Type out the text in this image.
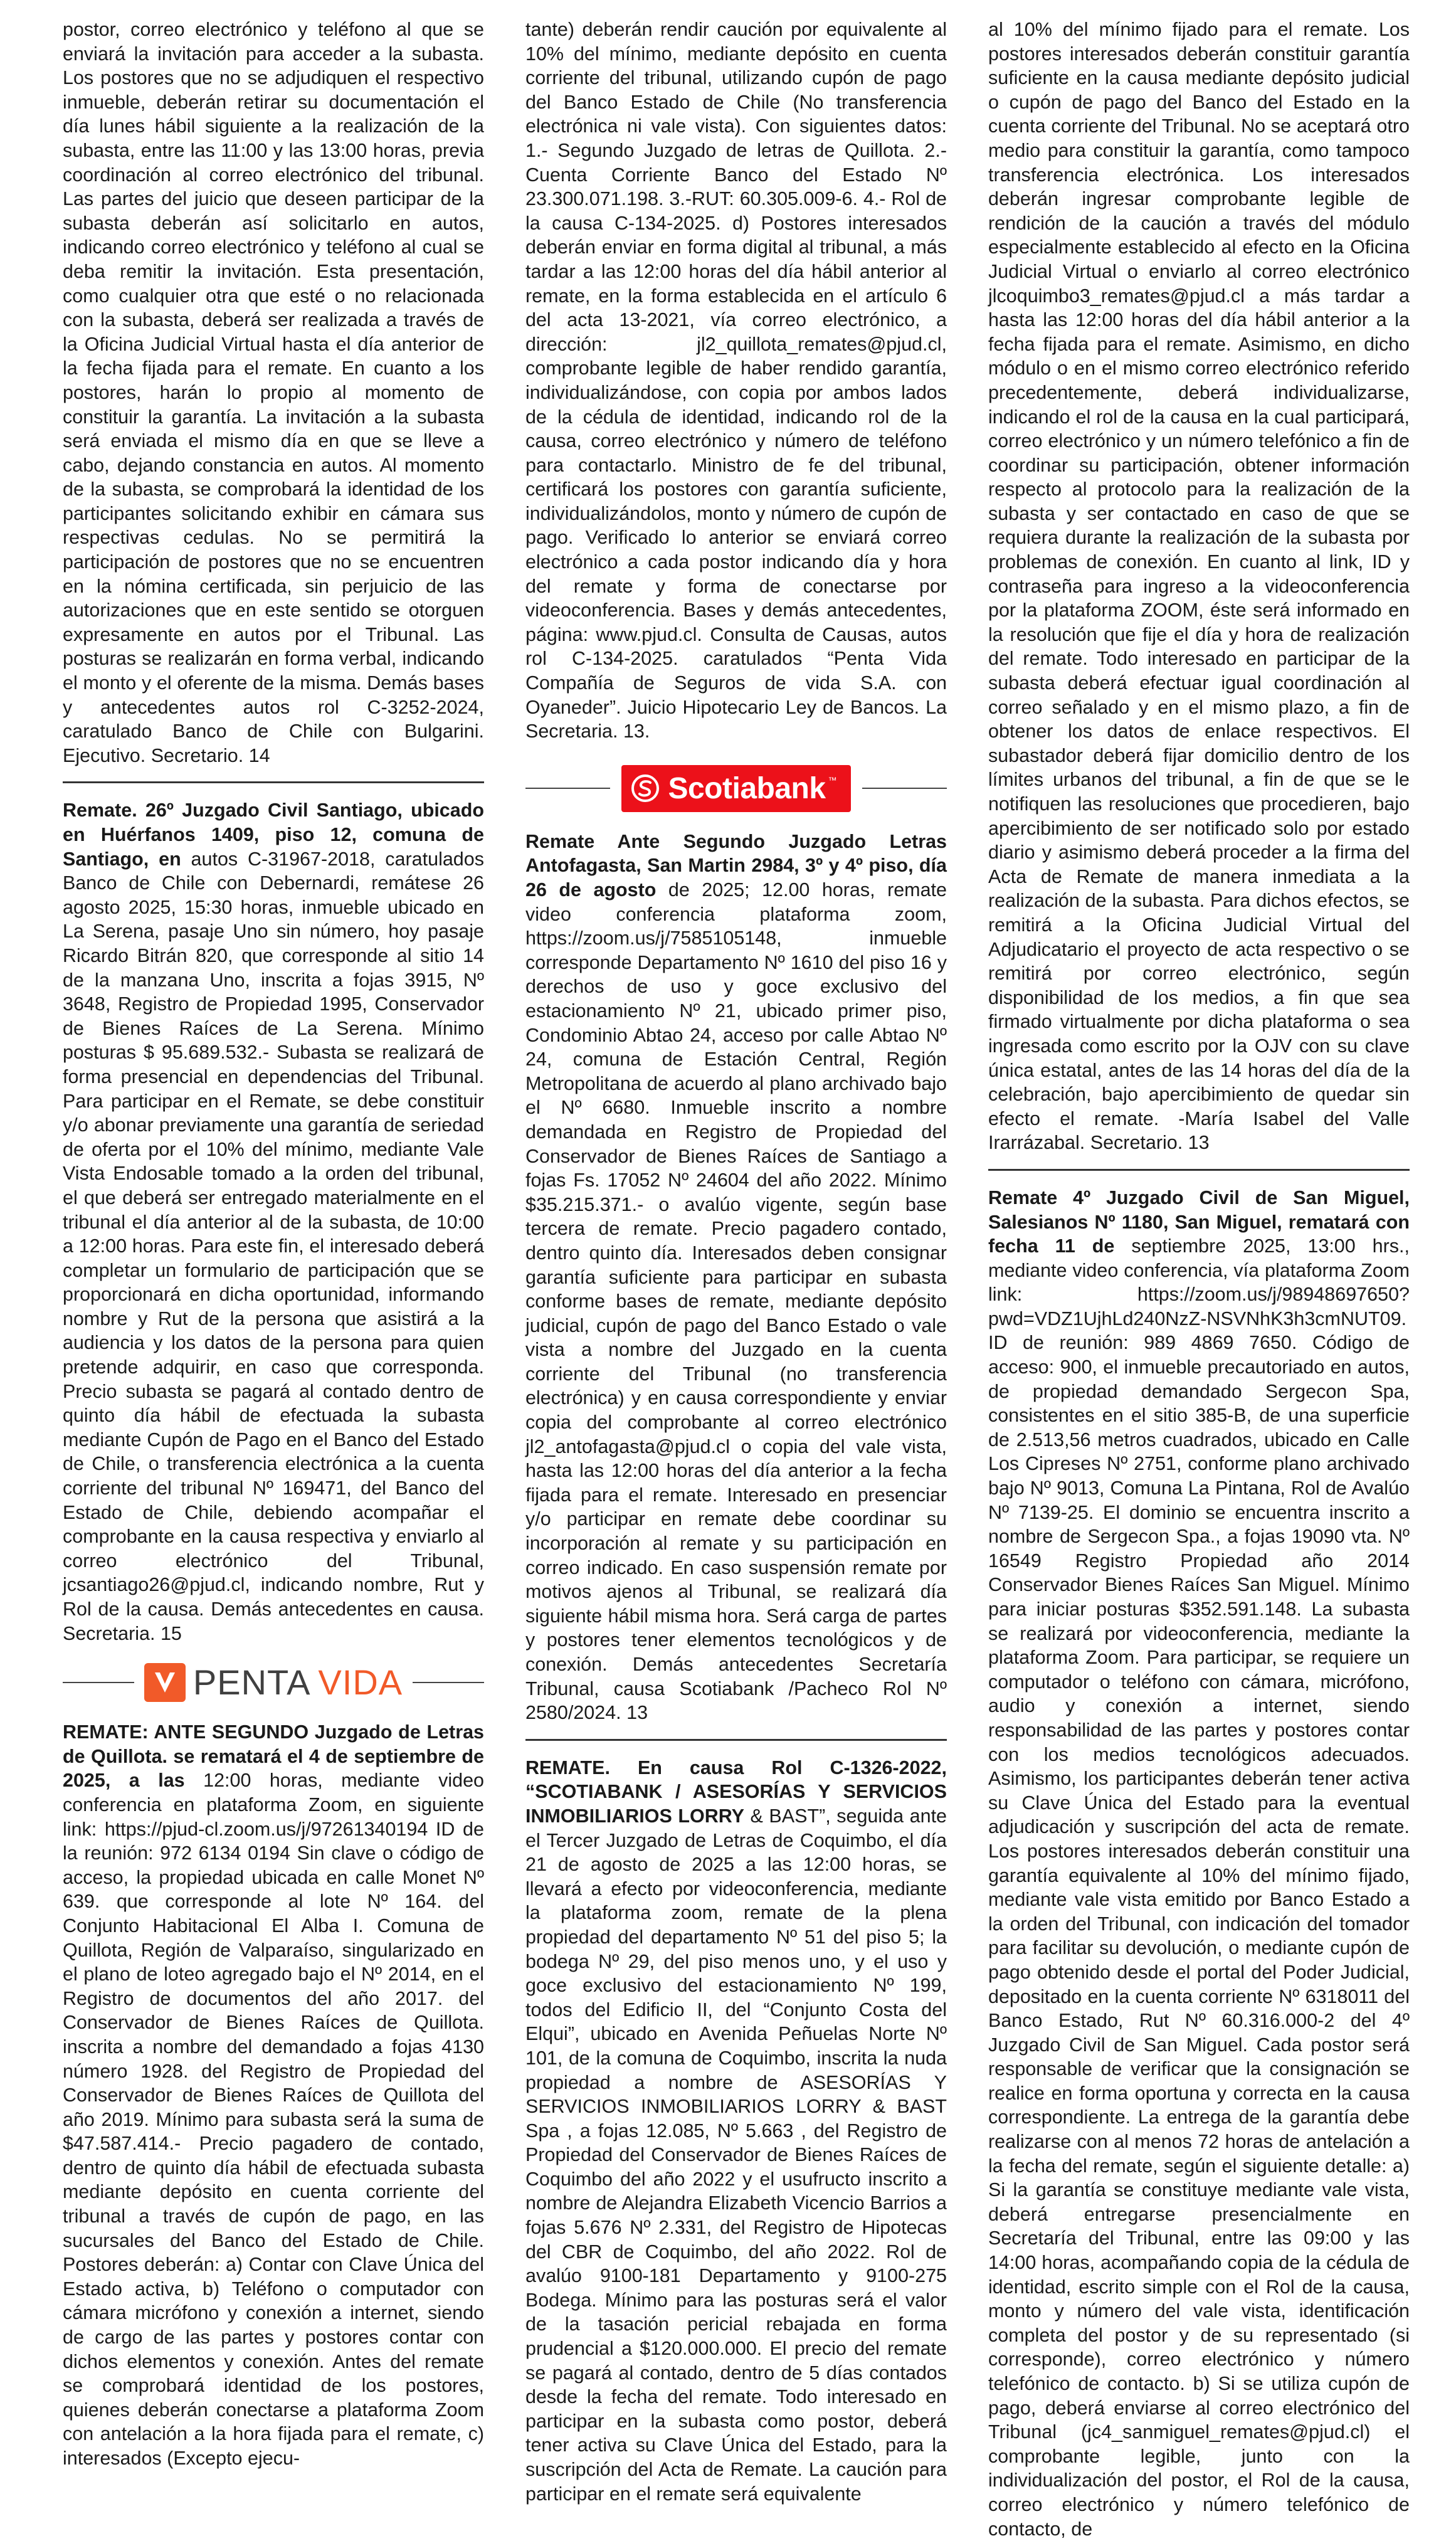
postor, correo electrónico y teléfono al que se enviará la invitación para acceder a la subasta. Los postores que no se adjudiquen el respectivo inmueble, deberán retirar su documentación el día lunes hábil siguiente a la realización de la subasta, entre las 11:00 y las 13:00 horas, previa coordinación al correo electrónico del tribunal. Las partes del juicio que deseen participar de la subasta deberán así solicitarlo en autos, indicando correo electrónico y teléfono al cual se deba remitir la invitación. Esta presentación, como cualquier otra que esté o no relacionada con la subasta, deberá ser realizada a través de la Oficina Judicial Virtual hasta el día anterior de la fecha fijada para el remate. En cuanto a los postores, harán lo propio al momento de constituir la garantía. La invitación a la subasta será enviada el mismo día en que se lleve a cabo, dejando constancia en autos. Al momento de la subasta, se comprobará la identidad de los participantes solicitando exhibir en cámara sus respectivas cedulas. No se permitirá la participación de postores que no se encuentren en la nómina certificada, sin perjuicio de las autorizaciones que en este sentido se otorguen expresamente en autos por el Tribunal. Las posturas se realizarán en forma verbal, indicando el monto y el oferente de la misma. Demás bases y antecedentes autos rol C-3252-2024, caratulado Banco de Chile con Bulgarini. Ejecutivo. Secretario. 14

Remate. 26º Juzgado Civil Santiago, ubicado en Huérfanos 1409, piso 12, comuna de Santiago, en autos C-31967-2018, caratulados Banco de Chile con Debernardi, remátese 26 agosto 2025, 15:30 horas, inmueble ubicado en La Serena, pasaje Uno sin número, hoy pasaje Ricardo Bitrán 820, que corresponde al sitio 14 de la manzana Uno, inscrita a fojas 3915, Nº 3648, Registro de Propiedad 1995, Conservador de Bienes Raíces de La Serena. Mínimo posturas $ 95.689.532.- Subasta se realizará de forma presencial en dependencias del Tribunal. Para participar en el Remate, se debe constituir y/o abonar previamente una garantía de seriedad de oferta por el 10% del mínimo, mediante Vale Vista Endosable tomado a la orden del tribunal, el que deberá ser entregado materialmente en el tribunal el día anterior al de la subasta, de 10:00 a 12:00 horas. Para este fin, el interesado deberá completar un formulario de participación que se proporcionará en dicha oportunidad, informando nombre y Rut de la persona que asistirá a la audiencia y los datos de la persona para quien pretende adquirir, en caso que corresponda. Precio subasta se pagará al contado dentro de quinto día hábil de efectuada la subasta mediante Cupón de Pago en el Banco del Estado de Chile, o transferencia electrónica a la cuenta corriente del tribunal Nº 169471, del Banco del Estado de Chile, debiendo acompañar el comprobante en la causa respectiva y enviarlo al correo electrónico del Tribunal, jcsantiago26@pjud.cl, indicando nombre, Rut y Rol de la causa. Demás antecedentes en causa. Secretaria. 15

PENTA VIDA

REMATE: ANTE SEGUNDO Juzgado de Letras de Quillota. se rematará el 4 de septiembre de 2025, a las 12:00 horas, mediante video conferencia en plataforma Zoom, en siguiente link: https://pjud-cl.zoom.us/j/97261340194 ID de la reunión: 972 6134 0194 Sin clave o código de acceso, la propiedad ubicada en calle Monet Nº 639. que corresponde al lote Nº 164. del Conjunto Habitacional El Alba I. Comuna de Quillota, Región de Valparaíso, singularizado en el plano de loteo agregado bajo el Nº 2014, en el Registro de documentos del año 2017. del Conservador de Bienes Raíces de Quillota. inscrita a nombre del demandado a fojas 4130 número 1928. del Registro de Propiedad del Conservador de Bienes Raíces de Quillota del año 2019. Mínimo para subasta será la suma de $47.587.414.- Precio pagadero de contado, dentro de quinto día hábil de efectuada subasta mediante depósito en cuenta corriente del tribunal a través de cupón de pago, en las sucursales del Banco del Estado de Chile. Postores deberán: a) Contar con Clave Única del Estado activa, b) Teléfono o computador con cámara micrófono y conexión a internet, siendo de cargo de las partes y postores contar con dichos elementos y conexión. Antes del remate se comprobará identidad de los postores, quienes deberán conectarse a plataforma Zoom con antelación a la hora fijada para el remate, c) interesados (Excepto ejecu-

tante) deberán rendir caución por equivalente al 10% del mínimo, mediante depósito en cuenta corriente del tribunal, utilizando cupón de pago del Banco Estado de Chile (No transferencia electrónica ni vale vista). Con siguientes datos: 1.- Segundo Juzgado de letras de Quillota. 2.- Cuenta Corriente Banco del Estado Nº 23.300.071.198. 3.-RUT: 60.305.009-6. 4.- Rol de la causa C-134-2025. d) Postores interesados deberán enviar en forma digital al tribunal, a más tardar a las 12:00 horas del día hábil anterior al remate, en la forma establecida en el artículo 6 del acta 13-2021, vía correo electrónico, a dirección: jl2_quillota_remates@pjud.cl, comprobante legible de haber rendido garantía, individualizándose, con copia por ambos lados de la cédula de identidad, indicando rol de la causa, correo electrónico y número de teléfono para contactarlo. Ministro de fe del tribunal, certificará los postores con garantía suficiente, individualizándolos, monto y número de cupón de pago. Verificado lo anterior se enviará correo electrónico a cada postor indicando día y hora del remate y forma de conectarse por videoconferencia. Bases y demás antecedentes, página: www.pjud.cl. Consulta de Causas, autos rol C-134-2025. caratulados “Penta Vida Compañía de Seguros de vida S.A. con Oyaneder”. Juicio Hipotecario Ley de Bancos. La Secretaria. 13.

Scotiabank ™

Remate Ante Segundo Juzgado Letras Antofagasta, San Martin 2984, 3º y 4º piso, día 26 de agosto de 2025; 12.00 horas, remate video conferencia plataforma zoom, https://zoom.us/j/7585105148, inmueble corresponde Departamento Nº 1610 del piso 16 y derechos de uso y goce exclusivo del estacionamiento Nº 21, ubicado primer piso, Condominio Abtao 24, acceso por calle Abtao Nº 24, comuna de Estación Central, Región Metropolitana de acuerdo al plano archivado bajo el Nº 6680. Inmueble inscrito a nombre demandada en Registro de Propiedad del Conservador de Bienes Raíces de Santiago a fojas Fs. 17052 Nº 24604 del año 2022. Mínimo $35.215.371.- o avalúo vigente, según base tercera de remate. Precio pagadero contado, dentro quinto día. Interesados deben consignar garantía suficiente para participar en subasta conforme bases de remate, mediante depósito judicial, cupón de pago del Banco Estado o vale vista a nombre del Juzgado en la cuenta corriente del Tribunal (no transferencia electrónica) y en causa correspondiente y enviar copia del comprobante al correo electrónico jl2_antofagasta@pjud.cl o copia del vale vista, hasta las 12:00 horas del día anterior a la fecha fijada para el remate. Interesado en presenciar y/o participar en remate debe coordinar su incorporación al remate y su participación en correo indicado. En caso suspensión remate por motivos ajenos al Tribunal, se realizará día siguiente hábil misma hora. Será carga de partes y postores tener elementos tecnológicos y de conexión. Demás antecedentes Secretaría Tribunal, causa Scotiabank /Pacheco Rol Nº 2580/2024. 13

REMATE. En causa Rol C-1326-2022, “SCOTIABANK / ASESORÍAS Y SERVICIOS INMOBILIARIOS LORRY & BAST”, seguida ante el Tercer Juzgado de Letras de Coquimbo, el día 21 de agosto de 2025 a las 12:00 horas, se llevará a efecto por videoconferencia, mediante la plataforma zoom, remate de la plena propiedad del departamento Nº 51 del piso 5; la bodega Nº 29, del piso menos uno, y el uso y goce exclusivo del estacionamiento Nº 199, todos del Edificio II, del “Conjunto Costa del Elqui”, ubicado en Avenida Peñuelas Norte Nº 101, de la comuna de Coquimbo, inscrita la nuda propiedad a nombre de ASESORÍAS Y SERVICIOS INMOBILIARIOS LORRY & BAST Spa , a fojas 12.085, Nº 5.663 , del Registro de Propiedad del Conservador de Bienes Raíces de Coquimbo del año 2022 y el usufructo inscrito a nombre de Alejandra Elizabeth Vicencio Barrios a fojas 5.676 Nº 2.331, del Registro de Hipotecas del CBR de Coquimbo, del año 2022. Rol de avalúo 9100-181 Departamento y 9100-275 Bodega. Mínimo para las posturas será el valor de la tasación pericial rebajada en forma prudencial a $120.000.000. El precio del remate se pagará al contado, dentro de 5 días contados desde la fecha del remate. Todo interesado en participar en la subasta como postor, deberá tener activa su Clave Única del Estado, para la suscripción del Acta de Remate. La caución para participar en el remate será equivalente

al 10% del mínimo fijado para el remate. Los postores interesados deberán constituir garantía suficiente en la causa mediante depósito judicial o cupón de pago del Banco del Estado en la cuenta corriente del Tribunal. No se aceptará otro medio para constituir la garantía, como tampoco transferencia electrónica. Los interesados deberán ingresar comprobante legible de rendición de la caución a través del módulo especialmente establecido al efecto en la Oficina Judicial Virtual o enviarlo al correo electrónico jlcoquimbo3_remates@pjud.cl a más tardar a hasta las 12:00 horas del día hábil anterior a la fecha fijada para el remate. Asimismo, en dicho módulo o en el mismo correo electrónico referido precedentemente, deberá individualizarse, indicando el rol de la causa en la cual participará, correo electrónico y un número telefónico a fin de coordinar su participación, obtener información respecto al protocolo para la realización de la subasta y ser contactado en caso de que se requiera durante la realización de la subasta por problemas de conexión. En cuanto al link, ID y contraseña para ingreso a la videoconferencia por la plataforma ZOOM, éste será informado en la resolución que fije el día y hora de realización del remate. Todo interesado en participar de la subasta deberá efectuar igual coordinación al correo señalado y en el mismo plazo, a fin de obtener los datos de enlace respectivos. El subastador deberá fijar domicilio dentro de los límites urbanos del tribunal, a fin de que se le notifiquen las resoluciones que procedieren, bajo apercibimiento de ser notificado solo por estado diario y asimismo deberá proceder a la firma del Acta de Remate de manera inmediata a la realización de la subasta. Para dichos efectos, se remitirá a la Oficina Judicial Virtual del Adjudicatario el proyecto de acta respectivo o se remitirá por correo electrónico, según disponibilidad de los medios, a fin que sea firmado virtualmente por dicha plataforma o sea ingresada como escrito por la OJV con su clave única estatal, antes de las 14 horas del día de la celebración, bajo apercibimiento de quedar sin efecto el remate. -María Isabel del Valle Irarrázabal. Secretario. 13

Remate 4º Juzgado Civil de San Miguel, Salesianos Nº 1180, San Miguel, rematará con fecha 11 de septiembre 2025, 13:00 hrs., mediante video conferencia, vía plataforma Zoom link: https://zoom.us/j/98948697650?pwd=VDZ1UjhLd240NzZ-NSVNhK3h3cmNUT09. ID de reunión: 989 4869 7650. Código de acceso: 900, el inmueble precautoriado en autos, de propiedad demandado Sergecon Spa, consistentes en el sitio 385-B, de una superficie de 2.513,56 metros cuadrados, ubicado en Calle Los Cipreses Nº 2751, conforme plano archivado bajo Nº 9013, Comuna La Pintana, Rol de Avalúo Nº 7139-25. El dominio se encuentra inscrito a nombre de Sergecon Spa., a fojas 19090 vta. Nº 16549 Registro Propiedad año 2014 Conservador Bienes Raíces San Miguel. Mínimo para iniciar posturas $352.591.148. La subasta se realizará por videoconferencia, mediante la plataforma Zoom. Para participar, se requiere un computador o teléfono con cámara, micrófono, audio y conexión a internet, siendo responsabilidad de las partes y postores contar con los medios tecnológicos adecuados. Asimismo, los participantes deberán tener activa su Clave Única del Estado para la eventual adjudicación y suscripción del acta de remate. Los postores interesados deberán constituir una garantía equivalente al 10% del mínimo fijado, mediante vale vista emitido por Banco Estado a la orden del Tribunal, con indicación del tomador para facilitar su devolución, o mediante cupón de pago obtenido desde el portal del Poder Judicial, depositado en la cuenta corriente Nº 6318011 del Banco Estado, Rut Nº 60.316.000-2 del 4º Juzgado Civil de San Miguel. Cada postor será responsable de verificar que la consignación se realice en forma oportuna y correcta en la causa correspondiente. La entrega de la garantía debe realizarse con al menos 72 horas de antelación a la fecha del remate, según el siguiente detalle: a) Si la garantía se constituye mediante vale vista, deberá entregarse presencialmente en Secretaría del Tribunal, entre las 09:00 y las 14:00 horas, acompañando copia de la cédula de identidad, escrito simple con el Rol de la causa, monto y número del vale vista, identificación completa del postor y de su representado (si corresponde), correo electrónico y número telefónico de contacto. b) Si se utiliza cupón de pago, deberá enviarse al correo electrónico del Tribunal (jc4_sanmiguel_remates@pjud.cl) el comprobante legible, junto con la individualización del postor, el Rol de la causa, correo electrónico y número telefónico de contacto, de
